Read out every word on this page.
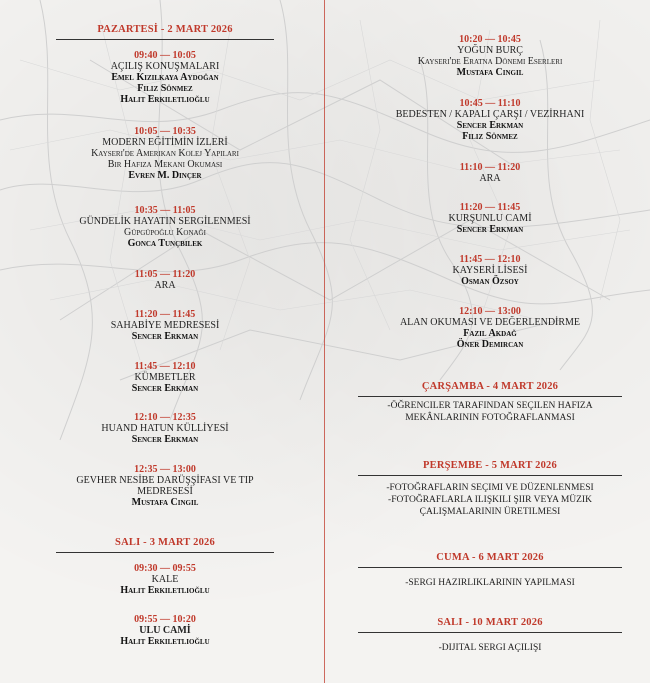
PAZARTESİ - 2 MART 2026
09:40 — 10:05
AÇILIŞ KONUŞMALARI
Emel Kızılkaya Aydoğan
Filiz Sönmez
Halit Erkiletlioğlu
10:05 — 10:35
MODERN EĞİTİMİN İZLERİ
Kayseri'de Amerikan Kolej Yapıları
Bir Hafıza Mekanı Okuması
Evren M. Dinçer
10:35 — 11:05
GÜNDELİK HAYATIN SERGİLENMESİ
Güpgüpoğlu Konağı
Gonca Tunçbilek
11:05 — 11:20
ARA
11:20 — 11:45
SAHABİYE MEDRESESİ
Sencer Erkman
11:45 — 12:10
KÜMBETLER
Sencer Erkman
12:10 — 12:35
HUAND HATUN KÜLLİYESİ
Sencer Erkman
12:35 — 13:00
GEVHER NESİBE DARÜŞŞİFASI VE TIP
MEDRESESİ
Mustafa Cingil
SALI - 3 MART 2026
09:30 — 09:55
KALE
Halit Erkiletlioğlu
09:55 — 10:20
ULU CAMİ
Halit Erkiletlioğlu
10:20 — 10:45
YOĞUN BURÇ
Kayseri'de Eratna Dönemi Eserleri
Mustafa Cingil
10:45 — 11:10
BEDESTEN / KAPALI ÇARŞI / VEZİRHANI
Sencer Erkman
Filiz Sönmez
11:10 — 11:20
ARA
11:20 — 11:45
KURŞUNLU CAMİ
Sencer Erkman
11:45 — 12:10
KAYSERİ LİSESİ
Osman Özsoy
12:10 — 13:00
ALAN OKUMASI VE DEĞERLENDİRME
Fazıl Akdağ
Öner Demircan
ÇARŞAMBA - 4 MART 2026
-ÖĞRENCILER TARAFINDAN SEÇILEN HAFIZA
MEKÂNLARININ FOTOĞRAFLANMASI
PERŞEMBE - 5 MART 2026
-FOTOĞRAFLARIN SEÇIMI VE DÜZENLENMESI
-FOTOĞRAFLARLA ILIŞKILI ŞIIR VEYA MÜZIK
ÇALIŞMALARININ ÜRETILMESI
CUMA - 6 MART 2026
-SERGI HAZIRLIKLARININ YAPILMASI
SALI - 10 MART 2026
-DIJITAL SERGI AÇILIŞI
